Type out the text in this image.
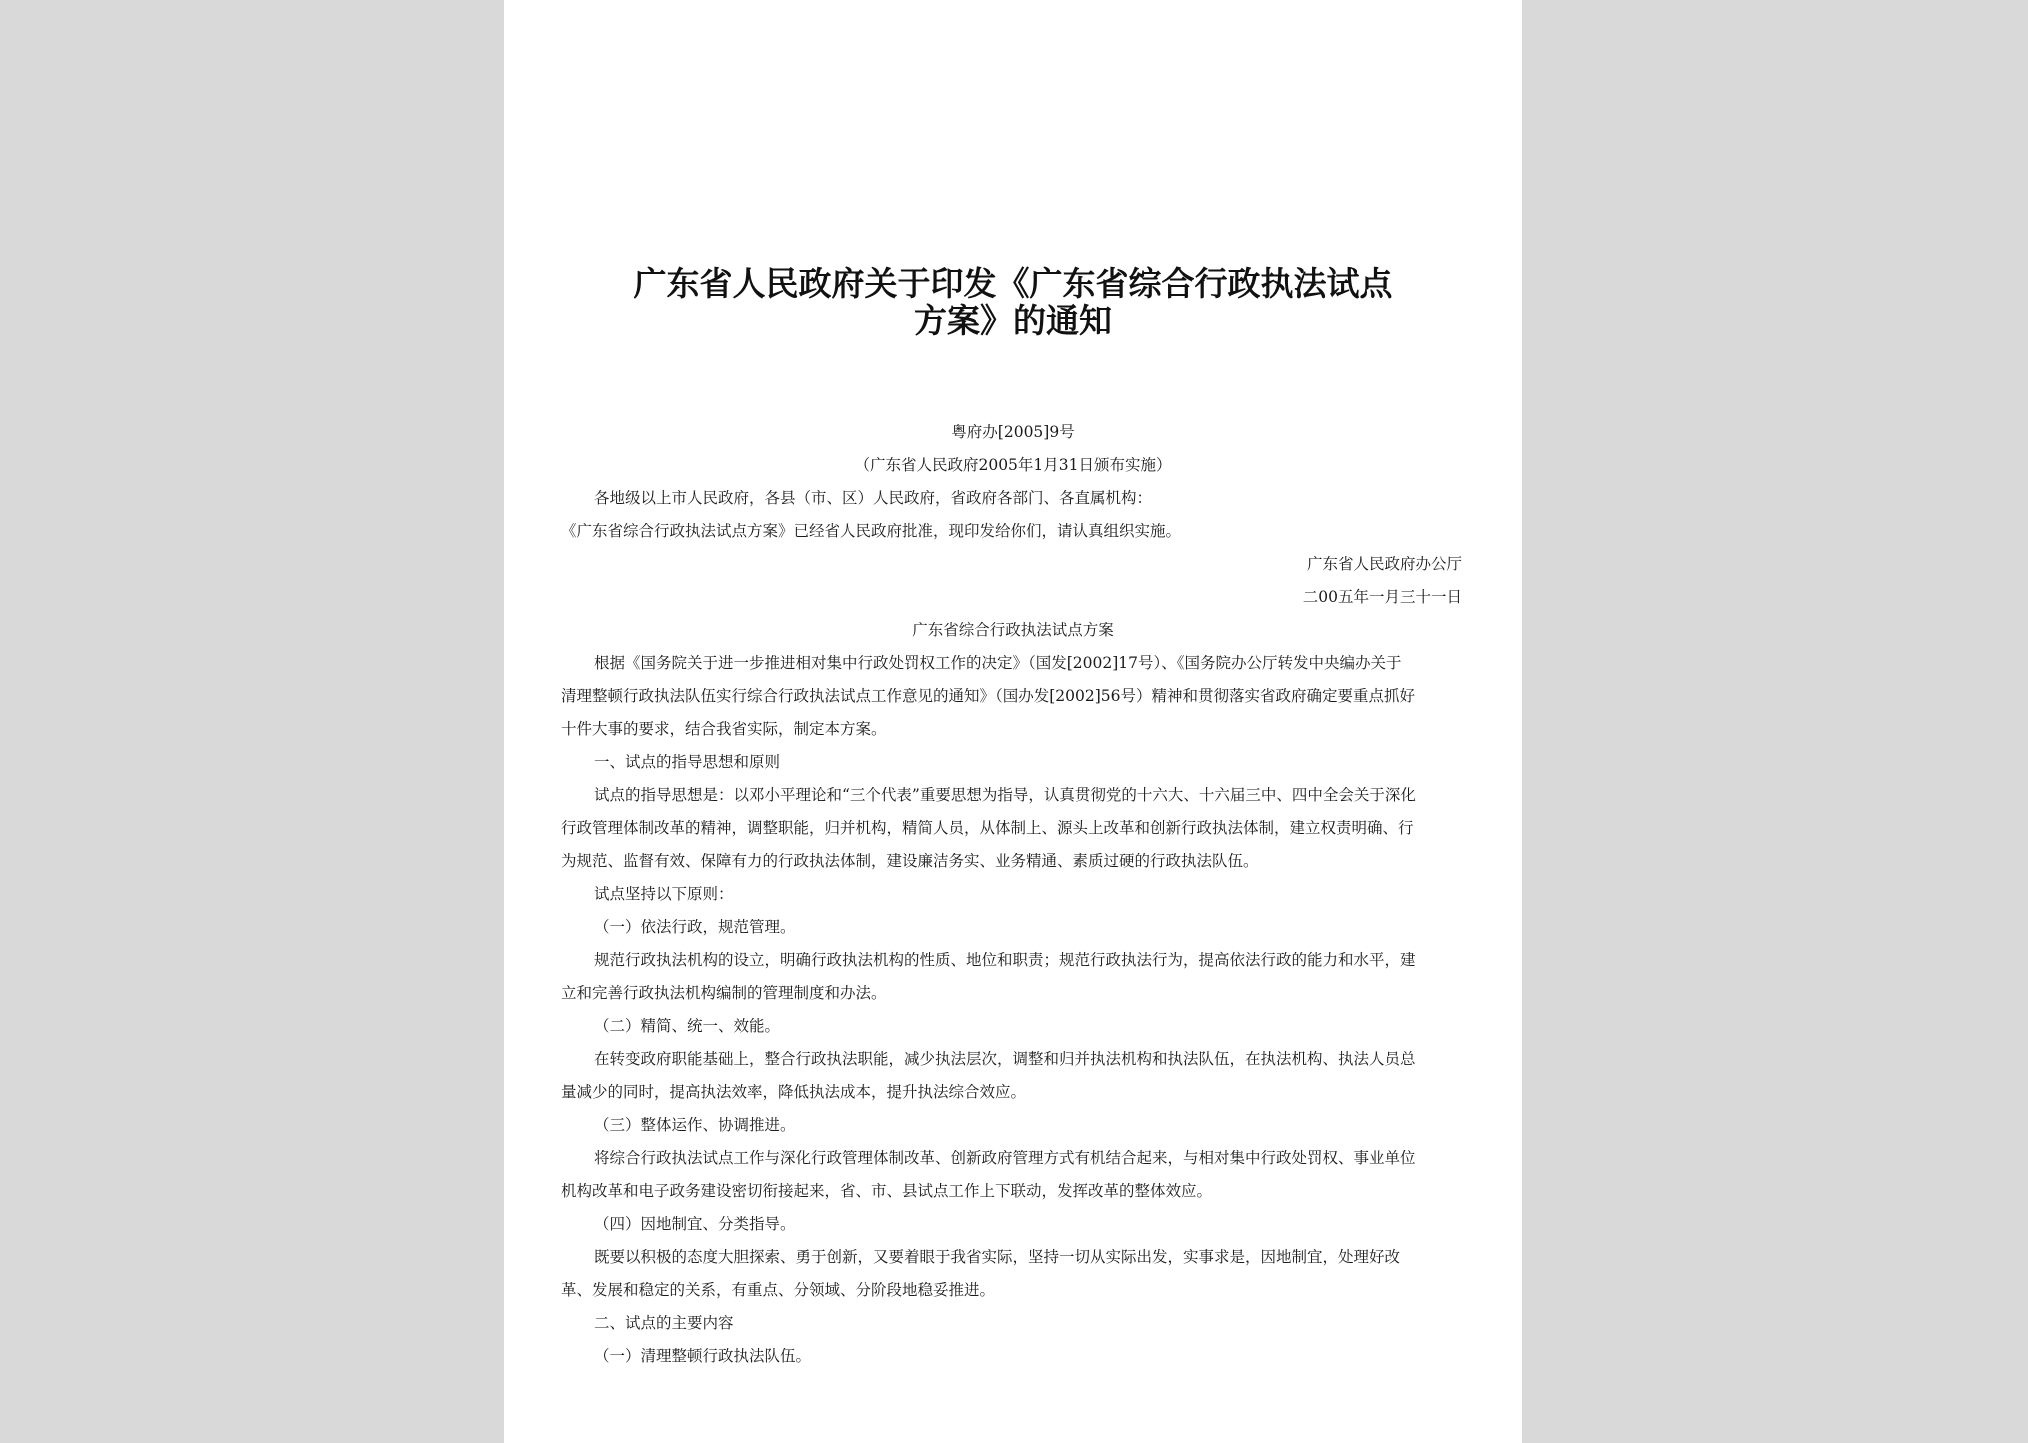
广东省人民政府关于印发《广东省综合行政执法试点
方案》的通知
粤府办[2005]9号
（广东省人民政府2005年1月31日颁布实施）
各地级以上市人民政府，各县（市、区）人民政府，省政府各部门、各直属机构：
《广东省综合行政执法试点方案》已经省人民政府批准，现印发给你们，请认真组织实施。
广东省人民政府办公厅
二00五年一月三十一日
广东省综合行政执法试点方案
根据《国务院关于进一步推进相对集中行政处罚权工作的决定》（国发[2002]17号）、《国务院办公厅转发中央编办关于
清理整顿行政执法队伍实行综合行政执法试点工作意见的通知》（国办发[2002]56号）精神和贯彻落实省政府确定要重点抓好
十件大事的要求，结合我省实际，制定本方案。
一、试点的指导思想和原则
试点的指导思想是：以邓小平理论和“三个代表”重要思想为指导，认真贯彻党的十六大、十六届三中、四中全会关于深化
行政管理体制改革的精神，调整职能，归并机构，精简人员，从体制上、源头上改革和创新行政执法体制，建立权责明确、行
为规范、监督有效、保障有力的行政执法体制，建设廉洁务实、业务精通、素质过硬的行政执法队伍。
试点坚持以下原则：
（一）依法行政，规范管理。
规范行政执法机构的设立，明确行政执法机构的性质、地位和职责；规范行政执法行为，提高依法行政的能力和水平，建
立和完善行政执法机构编制的管理制度和办法。
（二）精简、统一、效能。
在转变政府职能基础上，整合行政执法职能，减少执法层次，调整和归并执法机构和执法队伍，在执法机构、执法人员总
量减少的同时，提高执法效率，降低执法成本，提升执法综合效应。
（三）整体运作、协调推进。
将综合行政执法试点工作与深化行政管理体制改革、创新政府管理方式有机结合起来，与相对集中行政处罚权、事业单位
机构改革和电子政务建设密切衔接起来，省、市、县试点工作上下联动，发挥改革的整体效应。
（四）因地制宜、分类指导。
既要以积极的态度大胆探索、勇于创新，又要着眼于我省实际，坚持一切从实际出发，实事求是，因地制宜，处理好改
革、发展和稳定的关系，有重点、分领域、分阶段地稳妥推进。
二、试点的主要内容
（一）清理整顿行政执法队伍。
